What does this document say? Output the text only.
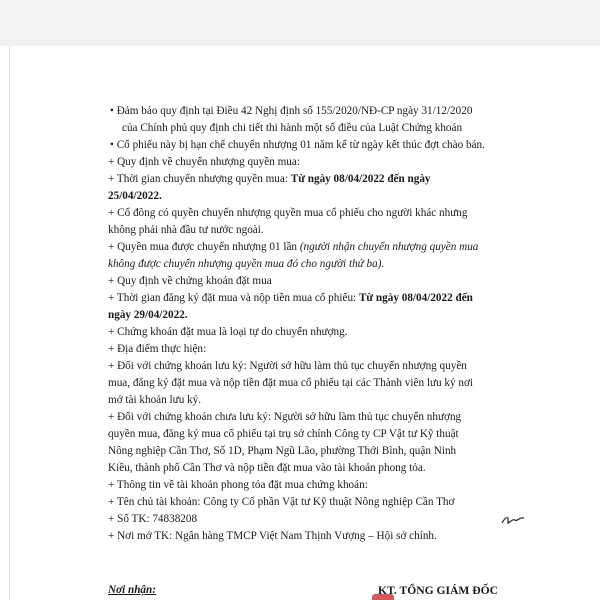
• Đảm bảo quy định tại Điều 42 Nghị định số 155/2020/NĐ-CP ngày 31/12/2020
của Chính phủ quy định chi tiết thi hành một số điều của Luật Chứng khoán
• Cổ phiếu này bị hạn chế chuyển nhượng 01 năm kể từ ngày kết thúc đợt chào bán.
+ Quy định về chuyển nhượng quyền mua:
+ Thời gian chuyển nhượng quyền mua: Từ ngày 08/04/2022 đến ngày
25/04/2022.
+ Cổ đông có quyền chuyển nhượng quyền mua cổ phiếu cho người khác nhưng
không phải nhà đầu tư nước ngoài.
+ Quyền mua được chuyển nhượng 01 lần (người nhận chuyển nhượng quyền mua
không được chuyển nhượng quyền mua đó cho người thứ ba).
+ Quy định về chứng khoán đặt mua
+ Thời gian đăng ký đặt mua và nộp tiền mua cổ phiếu: Từ ngày 08/04/2022 đến
ngày 29/04/2022.
+ Chứng khoán đặt mua là loại tự do chuyển nhượng.
+ Địa điểm thực hiện:
+ Đối với chứng khoán lưu ký: Người sở hữu làm thủ tục chuyển nhượng quyền
mua, đăng ký đặt mua và nộp tiền đặt mua cổ phiếu tại các Thành viên lưu ký nơi
mở tài khoản lưu ký.
+ Đối với chứng khoán chưa lưu ký: Người sở hữu làm thủ tục chuyển nhượng
quyền mua, đăng ký mua cổ phiếu tại trụ sở chính Công ty CP Vật tư Kỹ thuật
Nông nghiệp Cần Thơ, Số 1D, Phạm Ngũ Lão, phường Thới Bình, quận Ninh
Kiều, thành phố Cần Thơ và nộp tiền đặt mua vào tài khoản phong tỏa.
+ Thông tin về tài khoản phong tỏa đặt mua chứng khoán:
+ Tên chủ tài khoản: Công ty Cổ phần Vật tư Kỹ thuật Nông nghiệp Cần Thơ
+ Số TK: 74838208
+ Nơi mở TK: Ngân hàng TMCP Việt Nam Thịnh Vượng – Hội sở chính.
Nơi nhận:	KT. TỔNG GIÁM ĐỐC
